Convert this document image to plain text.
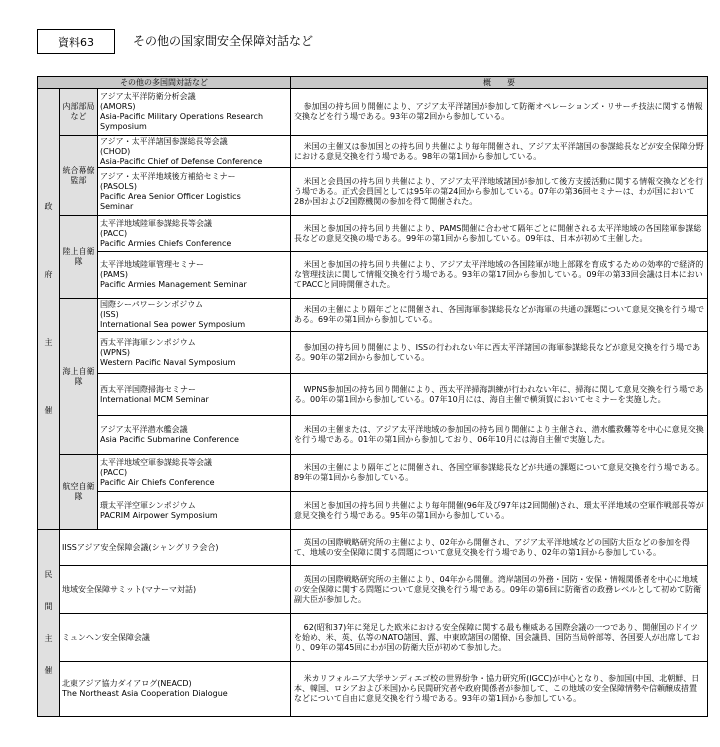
資料63	その他の国家間安全保障対話など
その他の多国間対話など			概　　要

政
府
主
催	内部部局など	アジア太平洋防衛分析会議
(AMORS)
Asia-Pacific Military Operations Research
Symposium	参加国の持ち回り開催により、アジア太平洋諸国が参加して防衛オペレーションズ・リサーチ技法に関する情報交換などを行う場である。93年の第2回から参加している。
	統合幕僚監部	アジア・太平洋諸国参謀総長等会議
(CHOD)
Asia-Pacific Chief of Defense Conference	米国の主催又は参加国との持ち回り共催により毎年開催され、アジア太平洋諸国の参謀総長などが安全保障分野における意見交換を行う場である。98年の第1回から参加している。

		アジア・太平洋地域後方補給セミナー
(PASOLS)
Pacific Area Senior Officer Logistics
Seminar	米国と会員国の持ち回り共催により、アジア太平洋地域諸国が参加して後方支援活動に関する情報交換などを行う場である。正式会員国としては95年の第24回から参加している。07年の第36回セミナーは、わが国において28か国および2国際機関の参加を得て開催された。
	陸上自衛隊	太平洋地域陸軍参謀総長等会議
(PACC)
Pacific Armies Chiefs Conference	米国と参加国の持ち回り共催により、PAMS開催に合わせて隔年ごとに開催される太平洋地域の各国陸軍参謀総長などの意見交換の場である。99年の第1回から参加している。09年は、日本が初めて主催した。

		太平洋地域陸軍管理セミナー
(PAMS)
Pacific Armies Management Seminar	米国と参加国の持ち回り共催により、アジア太平洋地域の各国陸軍が地上部隊を育成するための効率的で経済的な管理技法に関して情報交換を行う場である。93年の第17回から参加している。09年の第33回会議は日本においてPACCと同時開催された。
	海上自衛隊	国際シーパワーシンポジウム
(ISS)
International Sea power Symposium	米国の主催により隔年ごとに開催され、各国海軍参謀総長などが海軍の共通の課題について意見交換を行う場である。69年の第1回から参加している。

		西太平洋海軍シンポジウム
(WPNS)
Western Pacific Naval Symposium	参加国の持ち回り開催により、ISSの行われない年に西太平洋諸国の海軍参謀総長などが意見交換を行う場である。90年の第2回から参加している。

		西太平洋国際掃海セミナー
International MCM Seminar	WPNS参加国の持ち回り開催により、西太平洋掃海訓練が行われない年に、掃海に関して意見交換を行う場である。00年の第1回から参加している。07年10月には、海自主催で横須賀においてセミナーを実施した。

		アジア太平洋潜水艦会議
Asia Pacific Submarine Conference	米国の主催または、アジア太平洋地域の参加国の持ち回り開催により主催され、潜水艦救難等を中心に意見交換を行う場である。01年の第1回から参加しており、06年10月には海自主催で実施した。
	航空自衛隊	太平洋地域空軍参謀総長等会議
(PACC)
Pacific Air Chiefs Conference	米国の主催により隔年ごとに開催され、各国空軍参謀総長などが共通の課題について意見交換を行う場である。89年の第1回から参加している。

		環太平洋空軍シンポジウム
PACRIM Airpower Symposium	米国と参加国の持ち回り共催により毎年開催(96年及び97年は2回開催)され、環太平洋地域の空軍作戦部長等が意見交換を行う場である。95年の第1回から参加している。

民
間
主
催	IISSアジア安全保障会議(シャングリラ会合)		英国の国際戦略研究所の主催により、02年から開催され、アジア太平洋地域などの国防大臣などの参加を得て、地域の安全保障に関する問題について意見交換を行う場であり、02年の第1回から参加している。

	地域安全保障サミット(マナーマ対話)		英国の国際戦略研究所の主催により、04年から開催。湾岸諸国の外務・国防・安保・情報関係者を中心に地域の安全保障に関する問題について意見交換を行う場である。09年の第6回に防衛省の政務レベルとして初めて防衛副大臣が参加した。

	ミュンヘン安全保障会議		62(昭和37)年に発足した欧米における安全保障に関する最も権威ある国際会議の一つであり、開催国のドイツを始め、米、英、仏等のNATO諸国、露、中東欧諸国の閣僚、国会議員、国防当局幹部等、各国要人が出席しており、09年の第45回にわが国の防衛大臣が初めて参加した。

	北東アジア協力ダイアログ(NEACD)
The Northeast Asia Cooperation Dialogue		米カリフォルニア大学サンディエゴ校の世界紛争・協力研究所(IGCC)が中心となり、参加国(中国、北朝鮮、日本、韓国、ロシアおよび米国)から民間研究者や政府関係者が参加して、この地域の安全保障情勢や信頼醸成措置などについて自由に意見交換を行う場である。93年の第1回から参加している。
